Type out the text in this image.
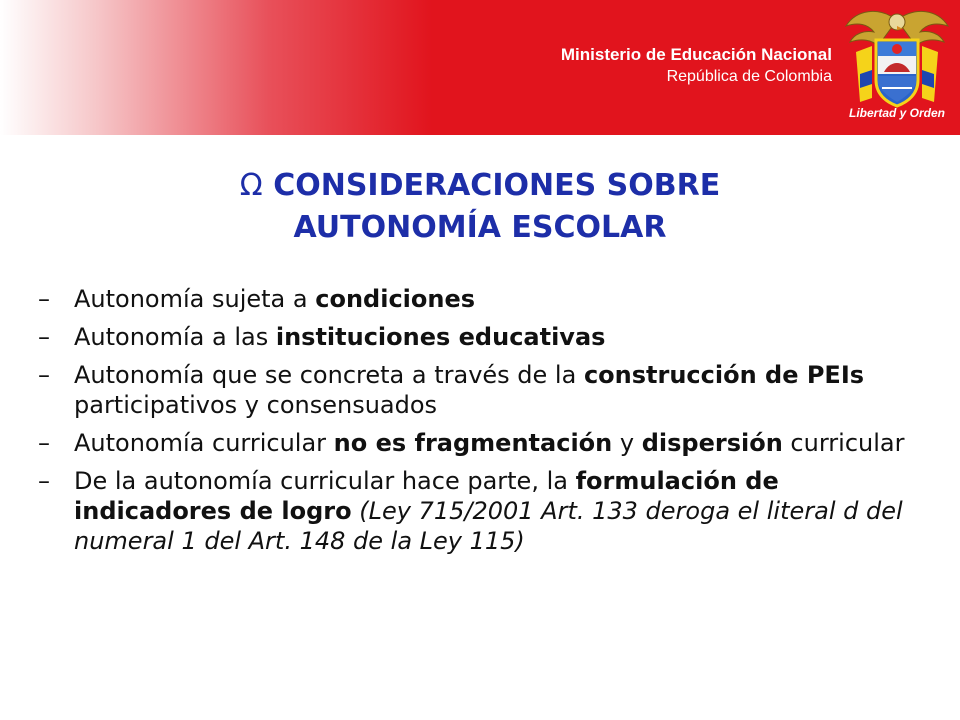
Ministerio de Educación Nacional
República de Colombia
Libertad y Orden
Ω CONSIDERACIONES SOBRE
AUTONOMÍA ESCOLAR
– Autonomía sujeta a condiciones
– Autonomía a las instituciones educativas
– Autonomía que se concreta a través de la construcción de PEIs participativos y consensuados
– Autonomía curricular no es fragmentación y dispersión curricular
– De la autonomía curricular hace parte, la formulación de indicadores de logro (Ley 715/2001 Art. 133 deroga el literal d del numeral 1 del Art. 148 de la Ley 115)
